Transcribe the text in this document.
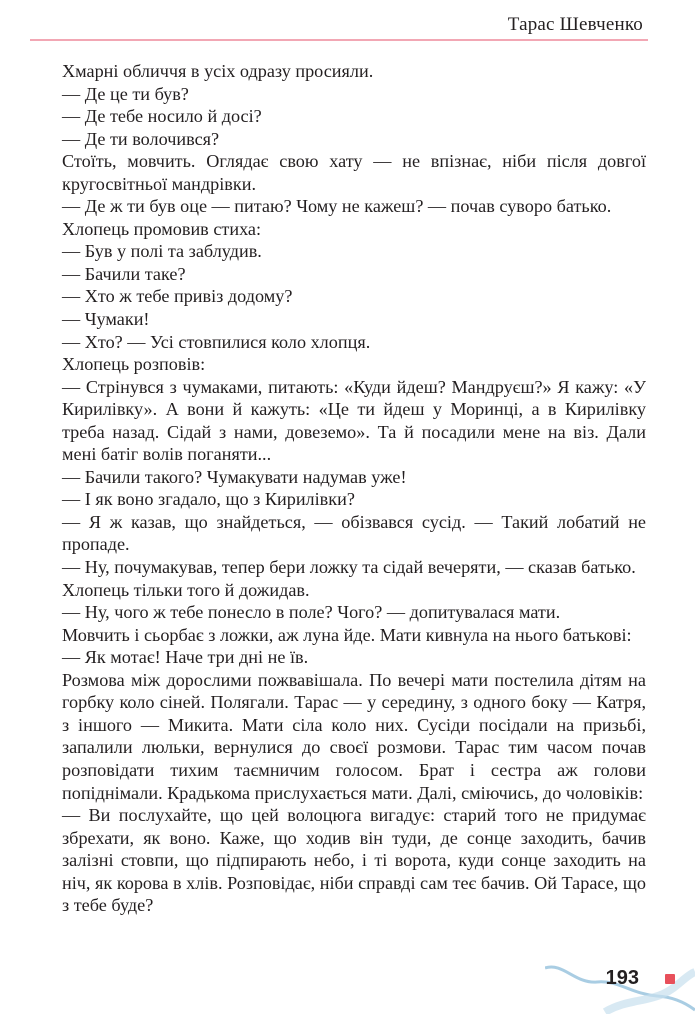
Тарас Шевченко

Хмарні обличчя в усіх одразу просияли.

— Де це ти був?

— Де тебе носило й досі?

— Де ти волочився?

Стоїть, мовчить. Оглядає свою хату — не впізнає, ніби після довгої кругосвітньої мандрівки.

— Де ж ти був оце — питаю? Чому не кажеш? — почав суворо батько.

Хлопець промовив стиха:

— Був у полі та заблудив.

— Бачили таке?

— Хто ж тебе привіз додому?

— Чумаки!

— Хто? — Усі стовпилися коло хлопця.

Хлопець розповів:

— Стрінувся з чумаками, питають: «Куди йдеш? Мандруєш?» Я кажу: «У Кирилівку». А вони й кажуть: «Це ти йдеш у Моринці, а в Кирилівку треба назад. Сідай з нами, довеземо». Та й посадили мене на віз. Дали мені батіг волів поганяти...

— Бачили такого? Чумакувати надумав уже!

— І як воно згадало, що з Кирилівки?

— Я ж казав, що знайдеться, — обізвався сусід. — Такий лобатий не пропаде.

— Ну, почумакував, тепер бери ложку та сідай вечеряти, — сказав батько.

Хлопець тільки того й дожидав.

— Ну, чого ж тебе понесло в поле? Чого? — допитувалася мати.

Мовчить і сьорбає з ложки, аж луна йде. Мати кивнула на нього батькові:

— Як мотає! Наче три дні не їв.

Розмова між дорослими пожвавішала. По вечері мати постелила дітям на горбку коло сіней. Полягали. Тарас — у середину, з одного боку — Катря, з іншого — Микита. Мати сіла коло них. Сусіди посідали на призьбі, запалили люльки, вернулися до своєї розмови. Тарас тим часом почав розповідати тихим таємничим голосом. Брат і сестра аж голови попіднімали. Крадькома прислухається мати. Далі, сміючись, до чоловіків:

— Ви послухайте, що цей волоцюга вигадує: старий того не придумає збрехати, як воно. Каже, що ходив він туди, де сонце заходить, бачив залізні стовпи, що підпирають небо, і ті ворота, куди сонце заходить на ніч, як корова в хлів. Розповідає, ніби справді сам теє бачив. Ой Тарасе, що з тебе буде?

193
